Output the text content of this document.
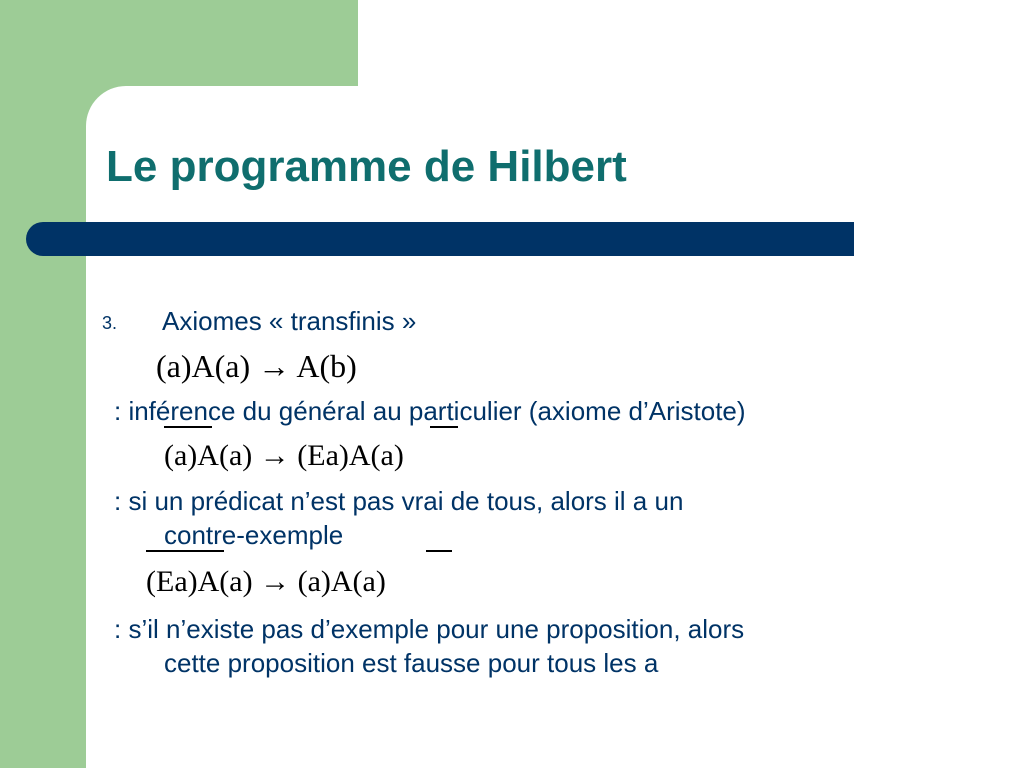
Le programme de Hilbert
3. Axiomes « transfinis »
(a)A(a) → A(b)
: inférence du général au particulier (axiome d’Aristote)
(a)A(a) → (Ea)A(a)
: si un prédicat n’est pas vrai de tous, alors il a un
contre-exemple
(Ea)A(a) → (a)A(a)
: s’il n’existe pas d’exemple pour une proposition, alors
cette proposition est fausse pour tous les a
